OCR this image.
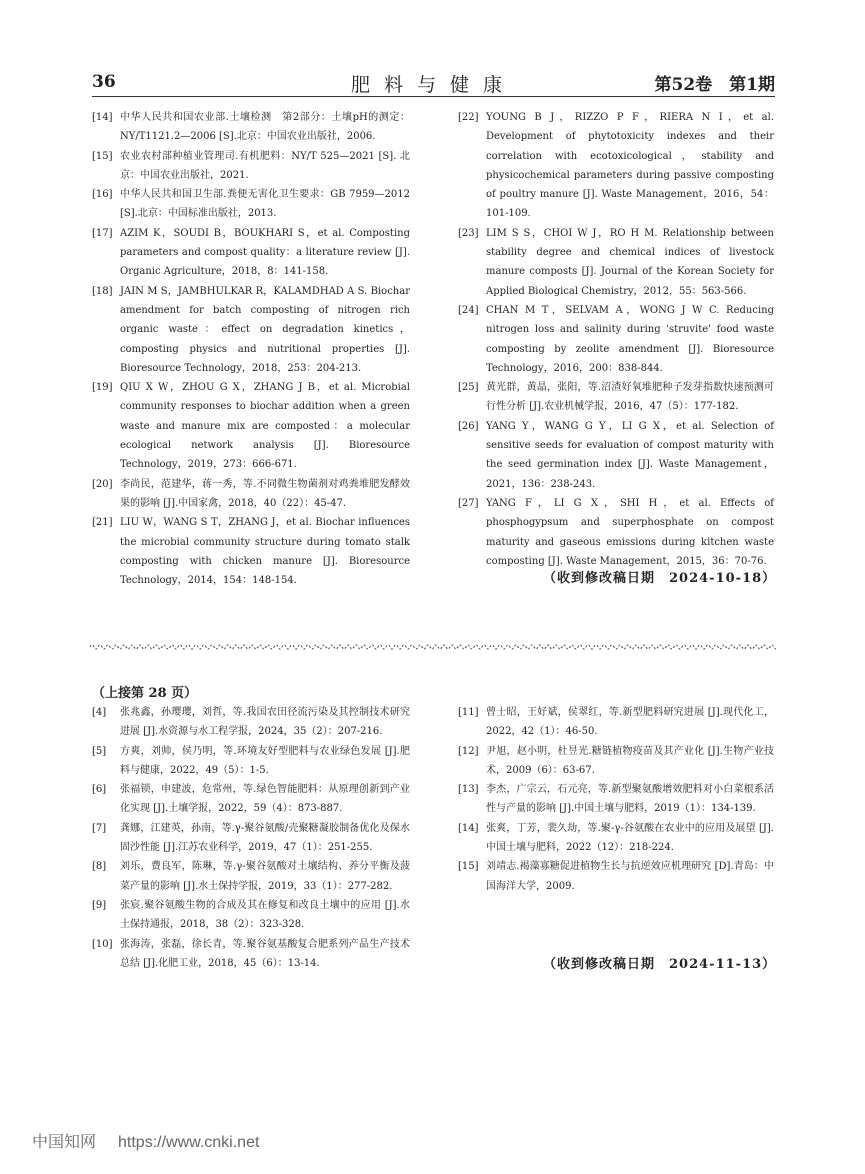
36	肥料与健康	第52卷　第1期
[14] 中华人民共和国农业部.土壤检测　第2部分：土壤pH的测定：NY/T1121.2—2006 [S].北京：中国农业出版社，2006.
[15] 农业农村部种植业管理司.有机肥料：NY/T 525—2021 [S]. 北京：中国农业出版社，2021.
[16] 中华人民共和国卫生部.粪便无害化卫生要求：GB 7959—2012 [S].北京：中国标准出版社，2013.
[17] AZIM K，SOUDI B，BOUKHARI S，et al. Composting parameters and compost quality：a literature review [J]. Organic Agriculture，2018，8：141-158.
[18] JAIN M S，JAMBHULKAR R，KALAMDHAD A S. Biochar amendment for batch composting of nitrogen rich organic waste：effect on degradation kinetics，composting physics and nutritional properties [J]. Bioresource Technology，2018，253：204-213.
[19] QIU X W，ZHOU G X，ZHANG J B，et al. Microbial community responses to biochar addition when a green waste and manure mix are composted：a molecular ecological network analysis [J]. Bioresource Technology，2019，273：666-671.
[20] 李尚民，范建华，蒋一秀，等.不同微生物菌剂对鸡粪堆肥发酵效果的影响 [J].中国家禽，2018，40（22）：45-47.
[21] LIU W，WANG S T，ZHANG J，et al. Biochar influences the microbial community structure during tomato stalk composting with chicken manure [J]. Bioresource Technology，2014，154：148-154.
[22] YOUNG B J，RIZZO P F，RIERA N I，et al. Development of phytotoxicity indexes and their correlation with ecotoxicological，stability and physicochemical parameters during passive composting of poultry manure [J]. Waste Management，2016，54：101-109.
[23] LIM S S，CHOI W J，RO H M. Relationship between stability degree and chemical indices of livestock manure composts [J]. Journal of the Korean Society for Applied Biological Chemistry，2012，55：563-566.
[24] CHAN M T，SELVAM A，WONG J W C. Reducing nitrogen loss and salinity during 'struvite' food waste composting by zeolite amendment [J]. Bioresource Technology，2016，200：838-844.
[25] 黄光群，黄晶，张阳，等.沼渣好氧堆肥种子发芽指数快速预测可行性分析 [J].农业机械学报，2016，47（5）：177-182.
[26] YANG Y，WANG G Y，LI G X，et al. Selection of sensitive seeds for evaluation of compost maturity with the seed germination index [J]. Waste Management，2021，136：238-243.
[27] YANG F，LI G X，SHI H，et al. Effects of phosphogypsum and superphosphate on compost maturity and gaseous emissions during kitchen waste composting [J]. Waste Management，2015，36：70-76.
（收到修改稿日期　2024-10-18）
（上接第 28 页）
[4] 张兆鑫，孙璎璎，刘哲，等.我国农田径流污染及其控制技术研究进展 [J].水资源与水工程学报，2024，35（2）：207-216.
[5] 方爽，刘帅，侯乃明，等.环境友好型肥料与农业绿色发展 [J].肥料与健康，2022，49（5）：1-5.
[6] 张福锁，申建波，危常州，等.绿色智能肥料：从原理创新到产业化实现 [J].土壤学报，2022，59（4）：873-887.
[7] 龚娜，江建英，孙南，等.γ-聚谷氨酸/壳聚糖凝胶制备优化及保水固沙性能 [J].江苏农业科学，2019，47（1）：251-255.
[8] 刘乐，费良军，陈琳，等.γ-聚谷氨酸对土壤结构、养分平衡及菠菜产量的影响 [J].水土保持学报，2019，33（1）：277-282.
[9] 张宸.聚谷氨酸生物的合成及其在修复和改良土壤中的应用 [J].水土保持通报，2018，38（2）：323-328.
[10] 张海涛，张磊，徐长青，等.聚谷氨基酸复合肥系列产品生产技术总结 [J].化肥工业，2018，45（6）：13-14.
[11] 曾士昭，王好斌，侯翠红，等.新型肥料研究进展 [J].现代化工，2022，42（1）：46-50.
[12] 尹旭，赵小明，杜昱光.糖链植物疫苗及其产业化 [J].生物产业技术，2009（6）：63-67.
[13] 李杰，广宗云，石元亮，等.新型聚氨酸增效肥料对小白菜根系活性与产量的影响 [J].中国土壤与肥料，2019（1）：134-139.
[14] 张爽，丁芳，裴久劫，等.聚-γ-谷氨酸在农业中的应用及展望 [J].中国土壤与肥料，2022（12）：218-224.
[15] 刘靖志.褐藻寡糖促进植物生长与抗逆效应机理研究 [D].青岛：中国海洋大学，2009.
（收到修改稿日期　2024-11-13）
中国知网 https://www.cnki.net
